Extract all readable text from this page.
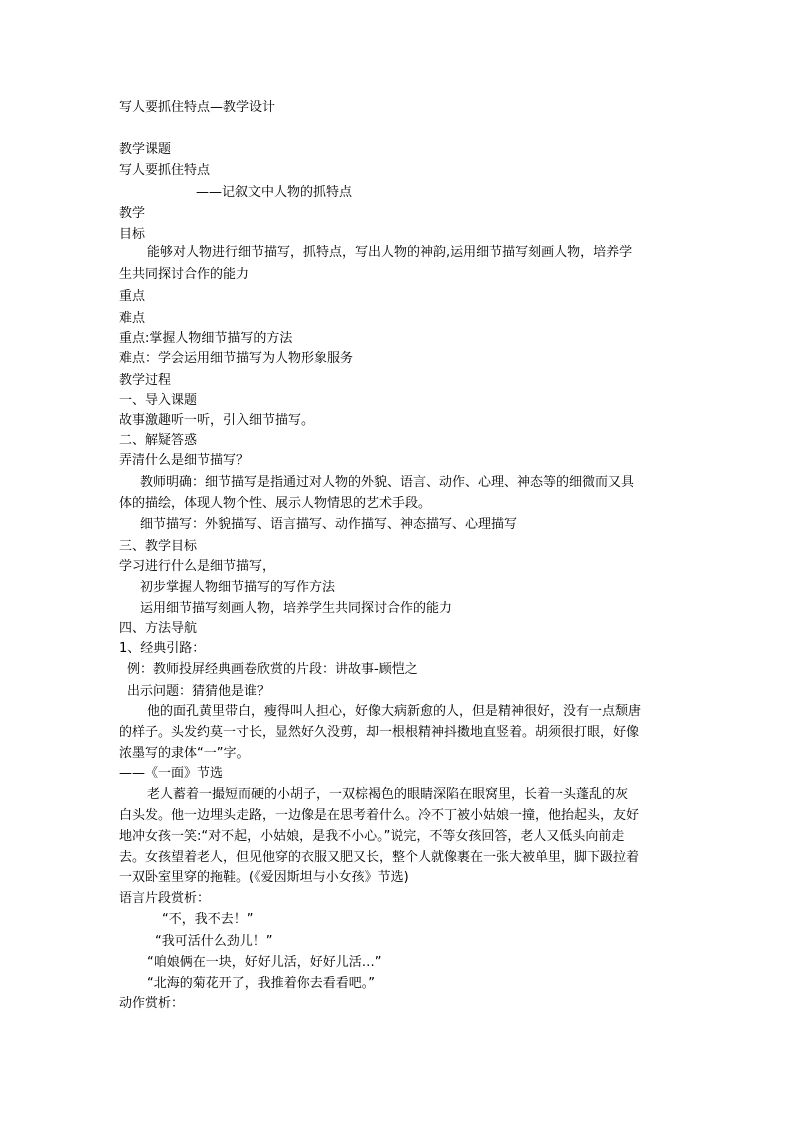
写人要抓住特点—教学设计
教学课题
写人要抓住特点
——记叙文中人物的抓特点
教学
目标
能够对人物进行细节描写，抓特点，写出人物的神韵,运用细节描写刻画人物，培养学
生共同探讨合作的能力
重点
难点
重点:掌握人物细节描写的方法
难点：学会运用细节描写为人物形象服务
教学过程
一、导入课题
故事激趣听一听，引入细节描写。
二、解疑答惑
弄清什么是细节描写？
教师明确：细节描写是指通过对人物的外貌、语言、动作、心理、神态等的细微而又具
体的描绘，体现人物个性、展示人物情思的艺术手段。
细节描写：外貌描写、语言描写、动作描写、神态描写、心理描写
三、教学目标
学习进行什么是细节描写，
初步掌握人物细节描写的写作方法
运用细节描写刻画人物，培养学生共同探讨合作的能力
四、方法导航
1、经典引路：
例：教师投屏经典画卷欣赏的片段：讲故事-顾恺之
出示问题：猜猜他是谁？
他的面孔黄里带白，瘦得叫人担心，好像大病新愈的人，但是精神很好，没有一点颓唐
的样子。头发约莫一寸长，显然好久没剪，却一根根精神抖擞地直竖着。胡须很打眼，好像
浓墨写的隶体“一”字。
——《一面》节选
老人蓄着一撮短而硬的小胡子，一双棕褐色的眼睛深陷在眼窝里，长着一头蓬乱的灰
白头发。他一边埋头走路，一边像是在思考着什么。冷不丁被小姑娘一撞，他抬起头，友好
地冲女孩一笑:“对不起，小姑娘，是我不小心。”说完，不等女孩回答，老人又低头向前走
去。女孩望着老人，但见他穿的衣服又肥又长，整个人就像裹在一张大被单里，脚下趿拉着
一双卧室里穿的拖鞋。(《爱因斯坦与小女孩》节选)
语言片段赏析：
“不，我不去！”
“我可活什么劲儿！”
“咱娘俩在一块，好好儿活，好好儿活…”
“北海的菊花开了，我推着你去看看吧。”
动作赏析：
